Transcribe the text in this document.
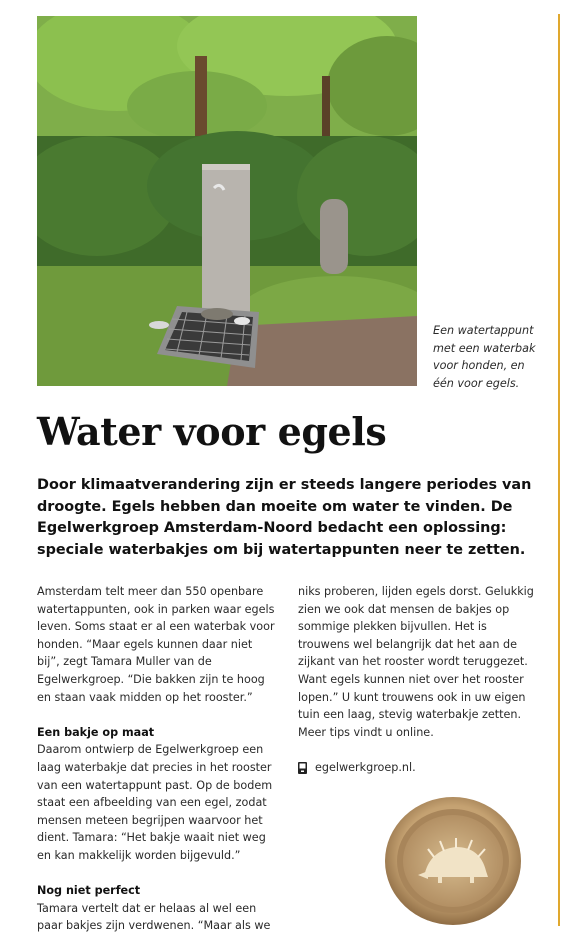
Een watertappunt met een waterbak voor honden, en één voor egels.
Water voor egels
Door klimaatverandering zijn er steeds langere periodes van droogte. Egels hebben dan moeite om water te vinden. De Egelwerkgroep Amsterdam-Noord bedacht een oplossing: speciale waterbakjes om bij watertappunten neer te zetten.

Amsterdam telt meer dan 550 openbare watertappunten, ook in parken waar egels leven. Soms staat er al een waterbak voor honden. “Maar egels kunnen daar niet bij”, zegt Tamara Muller van de Egelwerkgroep. “Die bakken zijn te hoog en staan vaak midden op het rooster.”

Een bakje op maat

Daarom ontwierp de Egelwerkgroep een laag waterbakje dat precies in het rooster van een watertappunt past. Op de bodem staat een afbeelding van een egel, zodat mensen meteen begrijpen waarvoor het dient. Tamara: “Het bakje waait niet weg en kan makkelijk worden bijgevuld.”

Nog niet perfect

Tamara vertelt dat er helaas al wel een paar bakjes zijn verdwenen. “Maar als we

niks proberen, lijden egels dorst. Gelukkig zien we ook dat mensen de bakjes op sommige plekken bijvullen. Het is trouwens wel belangrijk dat het aan de zijkant van het rooster wordt teruggezet. Want egels kunnen niet over het rooster lopen.” U kunt trouwens ook in uw eigen tuin een laag, stevig waterbakje zetten. Meer tips vindt u online.

egelwerkgroep.nl.
